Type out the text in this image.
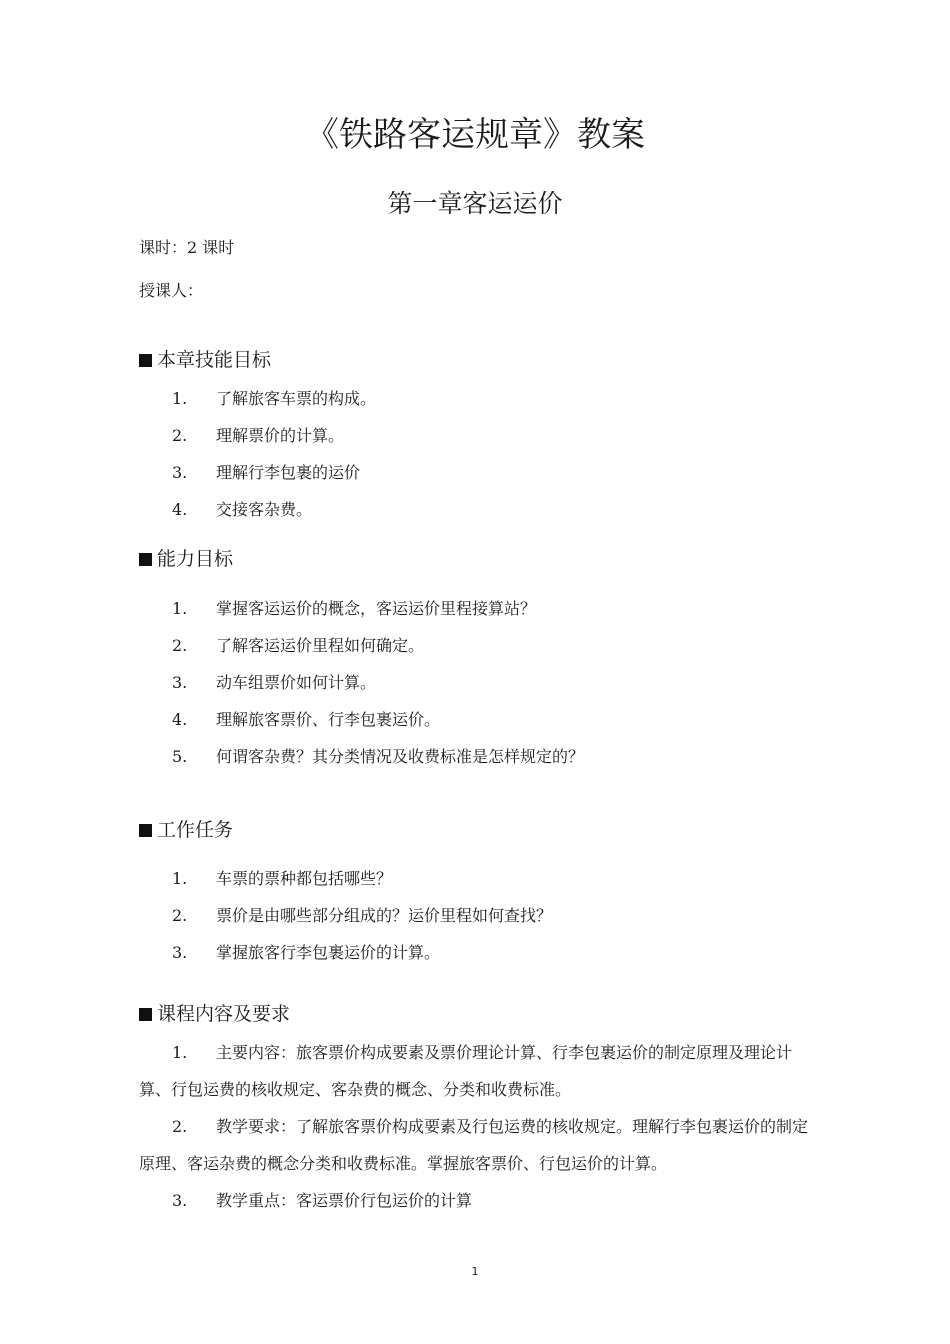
《铁路客运规章》教案
第一章客运运价
课时：2 课时
授课人：
本章技能目标
1. 了解旅客车票的构成。
2. 理解票价的计算。
3. 理解行李包裹的运价
4. 交接客杂费。
能力目标
1. 掌握客运运价的概念，客运运价里程接算站？
2. 了解客运运价里程如何确定。
3. 动车组票价如何计算。
4. 理解旅客票价、行李包裹运价。
5. 何谓客杂费？其分类情况及收费标准是怎样规定的？
工作任务
1. 车票的票种都包括哪些？
2. 票价是由哪些部分组成的？运价里程如何查找？
3. 掌握旅客行李包裹运价的计算。
课程内容及要求
1. 主要内容：旅客票价构成要素及票价理论计算、行李包裹运价的制定原理及理论计算、行包运费的核收规定、客杂费的概念、分类和收费标准。
2. 教学要求：了解旅客票价构成要素及行包运费的核收规定。理解行李包裹运价的制定原理、客运杂费的概念分类和收费标准。掌握旅客票价、行包运价的计算。
3. 教学重点：客运票价行包运价的计算
1
